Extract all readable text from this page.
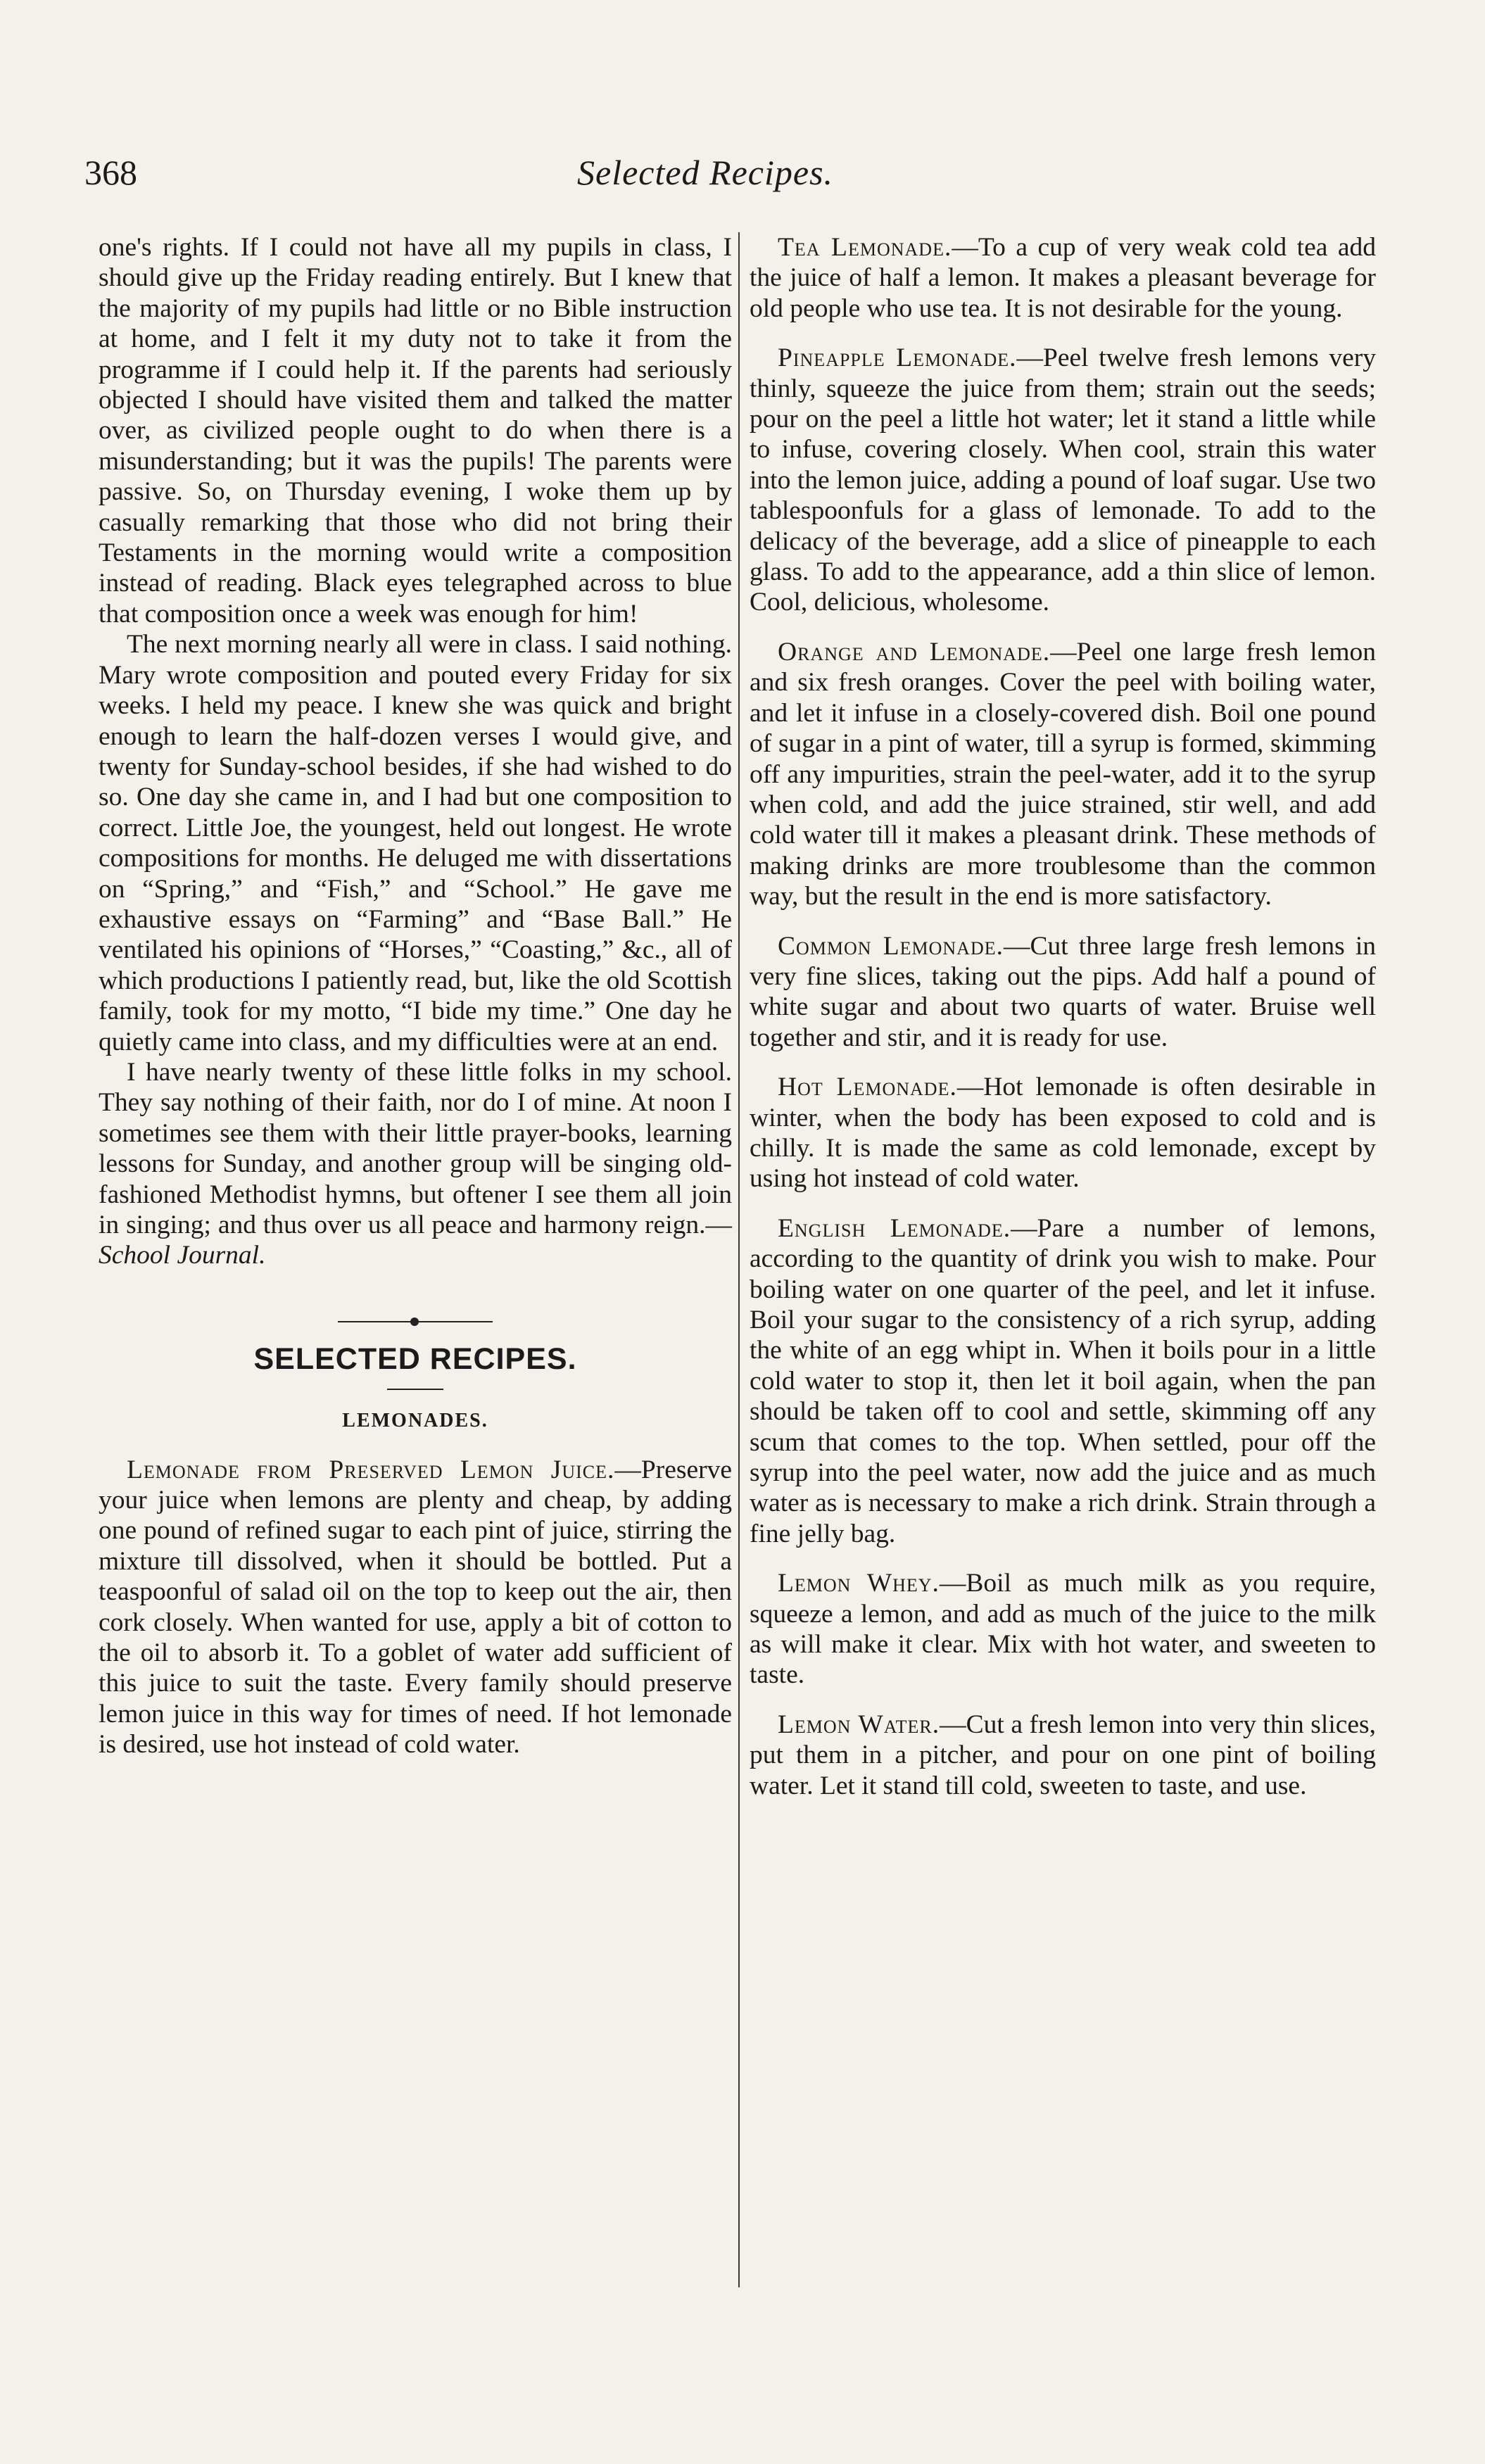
368	Selected Recipes.

one's rights. If I could not have all my pupils in class, I should give up the Friday reading entirely. But I knew that the majority of my pupils had little or no Bible instruction at home, and I felt it my duty not to take it from the programme if I could help it. If the parents had seriously objected I should have visited them and talked the matter over, as civilized people ought to do when there is a misunderstanding; but it was the pupils! The parents were passive. So, on Thursday evening, I woke them up by casually remarking that those who did not bring their Testaments in the morning would write a composition instead of reading. Black eyes telegraphed across to blue that composition once a week was enough for him!

The next morning nearly all were in class. I said nothing. Mary wrote composition and pouted every Friday for six weeks. I held my peace. I knew she was quick and bright enough to learn the half-dozen verses I would give, and twenty for Sunday-school besides, if she had wished to do so. One day she came in, and I had but one composition to correct. Little Joe, the youngest, held out longest. He wrote compositions for months. He deluged me with dissertations on “Spring,” and “Fish,” and “School.” He gave me exhaustive essays on “Farming” and “Base Ball.” He ventilated his opinions of “Horses,” “Coasting,” &c., all of which productions I patiently read, but, like the old Scottish family, took for my motto, “I bide my time.” One day he quietly came into class, and my difficulties were at an end.

I have nearly twenty of these little folks in my school. They say nothing of their faith, nor do I of mine. At noon I sometimes see them with their little prayer-books, learning lessons for Sunday, and another group will be singing old-fashioned Methodist hymns, but oftener I see them all join in singing; and thus over us all peace and harmony reign.—School Journal.

SELECTED RECIPES.
LEMONADES.

Lemonade from Preserved Lemon Juice.—Preserve your juice when lemons are plenty and cheap, by adding one pound of refined sugar to each pint of juice, stirring the mixture till dissolved, when it should be bottled. Put a teaspoonful of salad oil on the top to keep out the air, then cork closely. When wanted for use, apply a bit of cotton to the oil to absorb it. To a goblet of water add sufficient of this juice to suit the taste. Every family should preserve lemon juice in this way for times of need. If hot lemonade is desired, use hot instead of cold water.

Tea Lemonade.—To a cup of very weak cold tea add the juice of half a lemon. It makes a pleasant beverage for old people who use tea. It is not desirable for the young.

Pineapple Lemonade.—Peel twelve fresh lemons very thinly, squeeze the juice from them; strain out the seeds; pour on the peel a little hot water; let it stand a little while to infuse, covering closely. When cool, strain this water into the lemon juice, adding a pound of loaf sugar. Use two tablespoonfuls for a glass of lemonade. To add to the delicacy of the beverage, add a slice of pineapple to each glass. To add to the appearance, add a thin slice of lemon. Cool, delicious, wholesome.

Orange and Lemonade.—Peel one large fresh lemon and six fresh oranges. Cover the peel with boiling water, and let it infuse in a closely-covered dish. Boil one pound of sugar in a pint of water, till a syrup is formed, skimming off any impurities, strain the peel-water, add it to the syrup when cold, and add the juice strained, stir well, and add cold water till it makes a pleasant drink. These methods of making drinks are more troublesome than the common way, but the result in the end is more satisfactory.

Common Lemonade.—Cut three large fresh lemons in very fine slices, taking out the pips. Add half a pound of white sugar and about two quarts of water. Bruise well together and stir, and it is ready for use.

Hot Lemonade.—Hot lemonade is often desirable in winter, when the body has been exposed to cold and is chilly. It is made the same as cold lemonade, except by using hot instead of cold water.

English Lemonade.—Pare a number of lemons, according to the quantity of drink you wish to make. Pour boiling water on one quarter of the peel, and let it infuse. Boil your sugar to the consistency of a rich syrup, adding the white of an egg whipt in. When it boils pour in a little cold water to stop it, then let it boil again, when the pan should be taken off to cool and settle, skimming off any scum that comes to the top. When settled, pour off the syrup into the peel water, now add the juice and as much water as is necessary to make a rich drink. Strain through a fine jelly bag.

Lemon Whey.—Boil as much milk as you require, squeeze a lemon, and add as much of the juice to the milk as will make it clear. Mix with hot water, and sweeten to taste.

Lemon Water.—Cut a fresh lemon into very thin slices, put them in a pitcher, and pour on one pint of boiling water. Let it stand till cold, sweeten to taste, and use.
